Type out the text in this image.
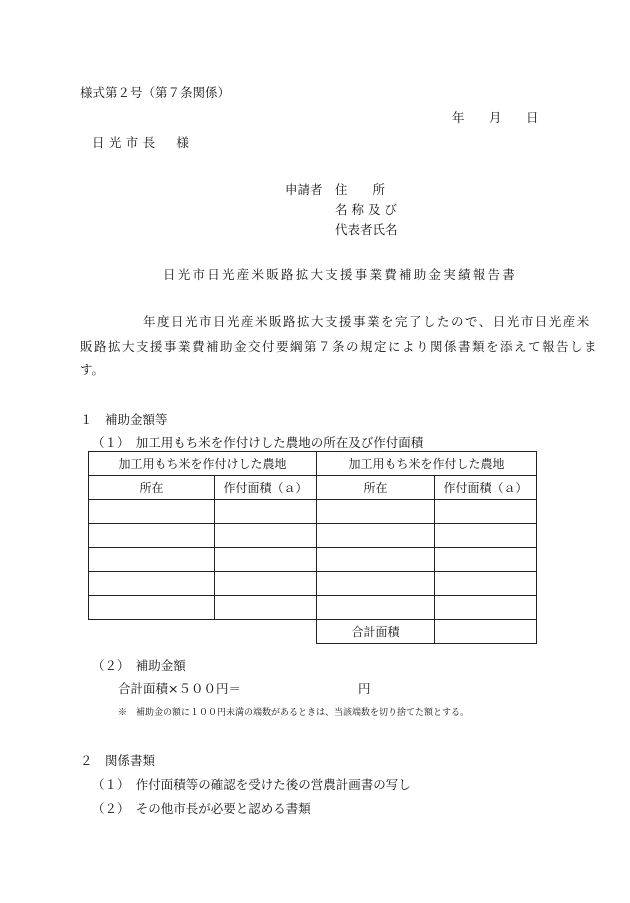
様式第２号（第７条関係）
年 月 日
日光市長　様
申請者 住　　所
名 称 及 び
代表者氏名
日光市日光産米販路拡大支援事業費補助金実績報告書
年度日光市日光産米販路拡大支援事業を完了したので、日光市日光産米
販路拡大支援事業費補助金交付要綱第７条の規定により関係書類を添えて報告しま
す。
１　補助金額等
（１）　加工用もち米を作付けした農地の所在及び作付面積
加工用もち米を作付けした農地		加工用もち米を作付した農地	
所在	作付面積（ａ）	所在	作付面積（ａ）

		合計面積	
（２）　補助金額
合計面積×５００円＝	円
※　補助金の額に１００円未満の端数があるときは、当該端数を切り捨てた額とする。
２　関係書類
（１）　作付面積等の確認を受けた後の営農計画書の写し
（２）　その他市長が必要と認める書類
